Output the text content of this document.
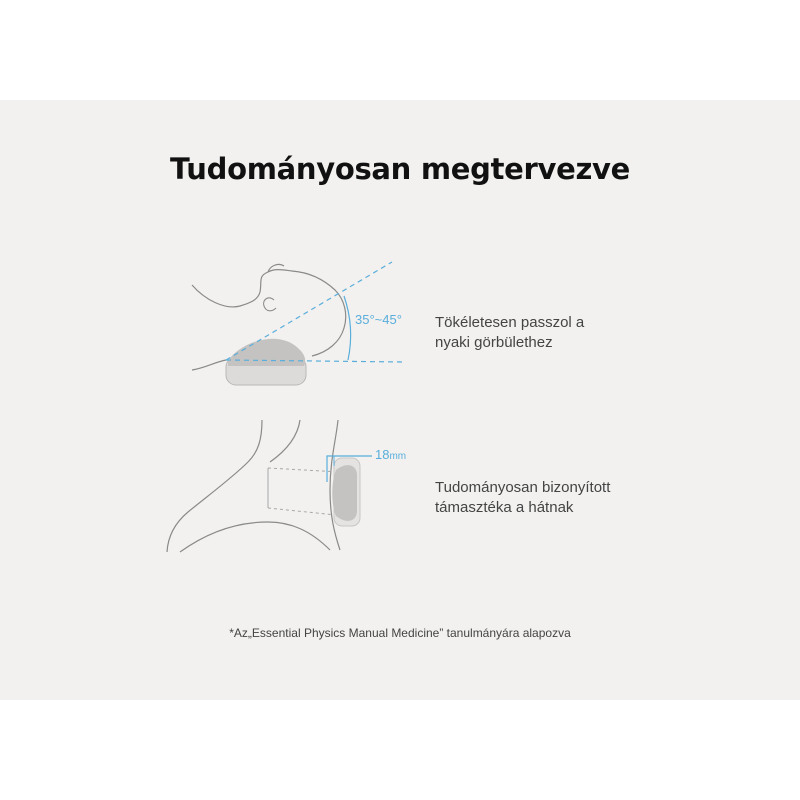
Tudományosan megtervezve
35°~45°
18mm
Tökéletesen passzol a
nyaki görbülethez
Tudományosan bizonyított
támasztéka a hátnak
*Az„Essential Physics Manual Medicine” tanulmányára alapozva
